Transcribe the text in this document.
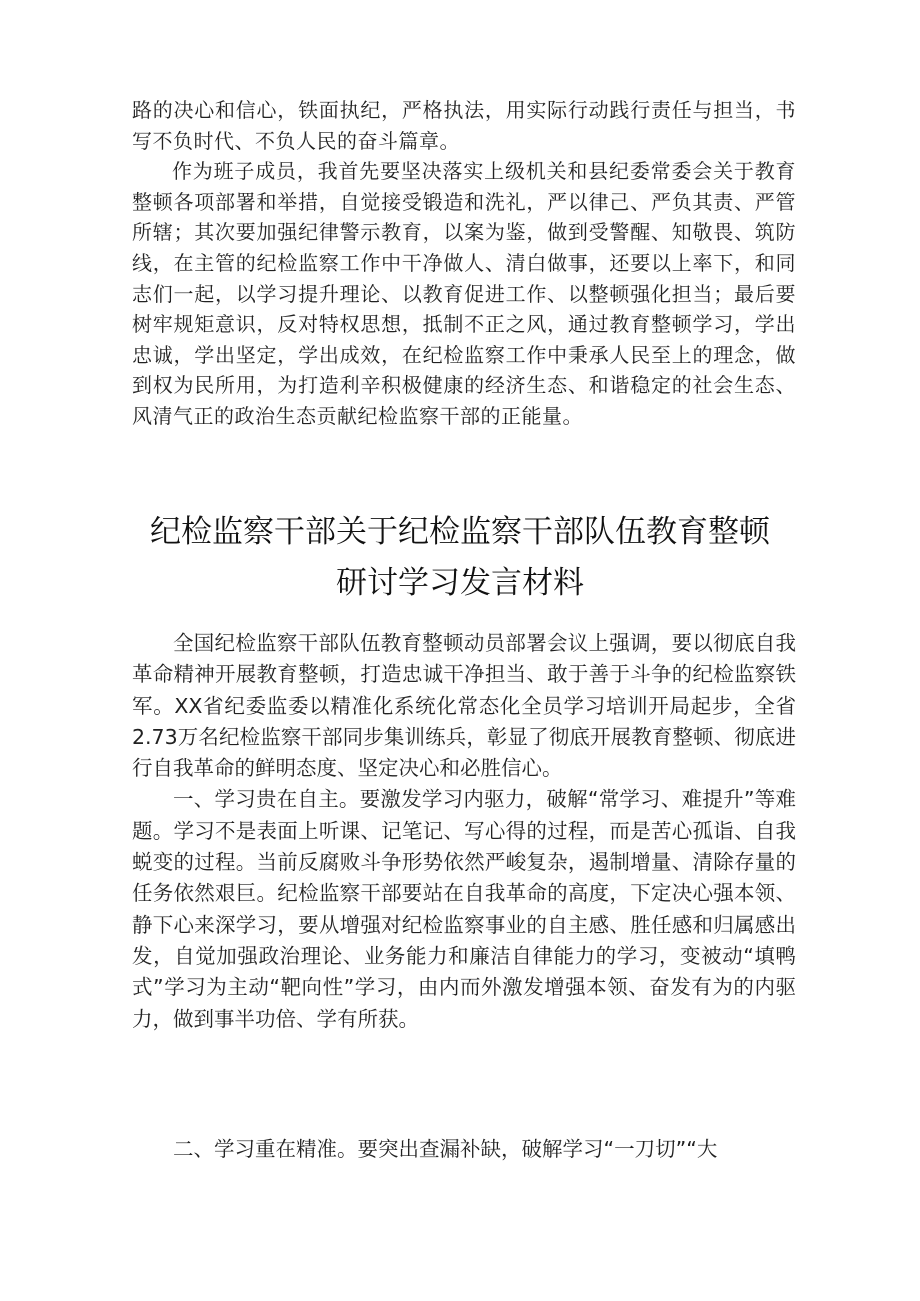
路的决心和信心，铁面执纪，严格执法，用实际行动践行责任与担当，书写不负时代、不负人民的奋斗篇章。

作为班子成员，我首先要坚决落实上级机关和县纪委常委会关于教育整顿各项部署和举措，自觉接受锻造和洗礼，严以律己、严负其责、严管所辖；其次要加强纪律警示教育，以案为鉴，做到受警醒、知敬畏、筑防线，在主管的纪检监察工作中干净做人、清白做事，还要以上率下，和同志们一起，以学习提升理论、以教育促进工作、以整顿强化担当；最后要树牢规矩意识，反对特权思想，抵制不正之风，通过教育整顿学习，学出忠诚，学出坚定，学出成效，在纪检监察工作中秉承人民至上的理念，做到权为民所用，为打造利辛积极健康的经济生态、和谐稳定的社会生态、风清气正的政治生态贡献纪检监察干部的正能量。

纪检监察干部关于纪检监察干部队伍教育整顿
研讨学习发言材料

全国纪检监察干部队伍教育整顿动员部署会议上强调，要以彻底自我革命精神开展教育整顿，打造忠诚干净担当、敢于善于斗争的纪检监察铁军。XX省纪委监委以精准化系统化常态化全员学习培训开局起步，全省2.73万名纪检监察干部同步集训练兵，彰显了彻底开展教育整顿、彻底进行自我革命的鲜明态度、坚定决心和必胜信心。

一、学习贵在自主。要激发学习内驱力，破解“常学习、难提升”等难题。学习不是表面上听课、记笔记、写心得的过程，而是苦心孤诣、自我蜕变的过程。当前反腐败斗争形势依然严峻复杂，遏制增量、清除存量的任务依然艰巨。纪检监察干部要站在自我革命的高度，下定决心强本领、静下心来深学习，要从增强对纪检监察事业的自主感、胜任感和归属感出发，自觉加强政治理论、业务能力和廉洁自律能力的学习，变被动“填鸭式”学习为主动“靶向性”学习，由内而外激发增强本领、奋发有为的内驱力，做到事半功倍、学有所获。

二、学习重在精准。要突出查漏补缺，破解学习“一刀切”“大
